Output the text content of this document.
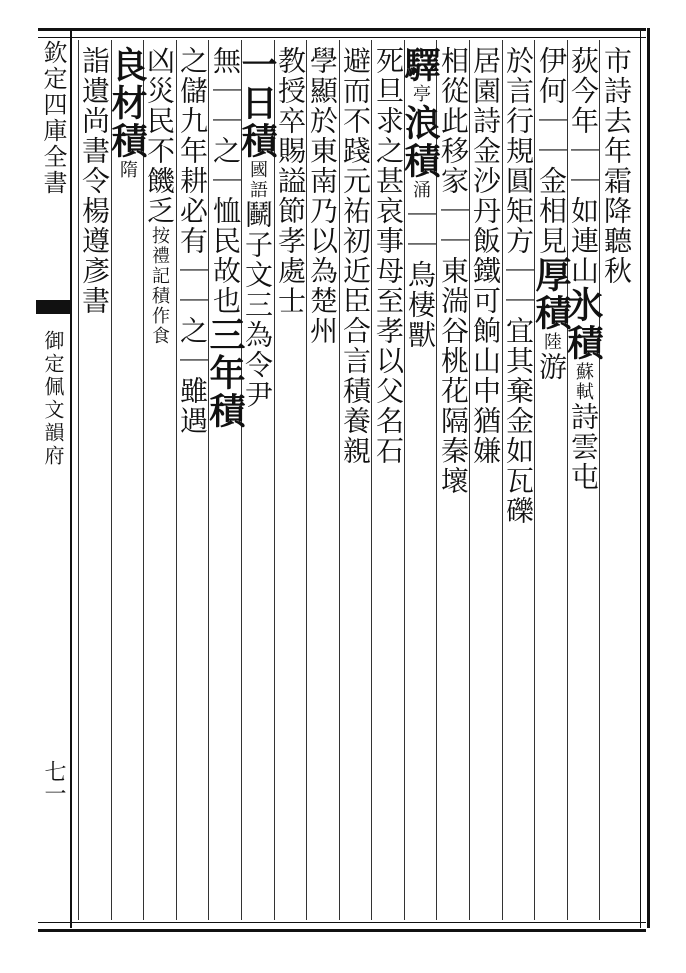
欽定四庫全書
御定佩文韻府
七一
市詩去年霜降聽秋
荻今年｜｜如連山氷積蘇軾詩雲屯
伊何｜｜金相見厚積陸游
於言行規圓矩方｜｜宜其棄金如瓦礫
居園詩金沙丹飯鐵可餉山中猶嫌
相從此移家｜｜東湍谷桃花隔秦壞
驛亭浪積涌｜｜鳥棲獸
死旦求之甚哀事母至孝以父名石
避而不踐元祐初近臣合言積養親
學顯於東南乃以為楚州
教授卒賜謚節孝處士
一日積國語鬭子文三為令尹
無｜｜之｜恤民故也三年積
之儲九年耕必有｜｜之｜雖遇
凶災民不饑乏按禮記積作食
良材積隋
詣遺尚書令楊遵彥書
